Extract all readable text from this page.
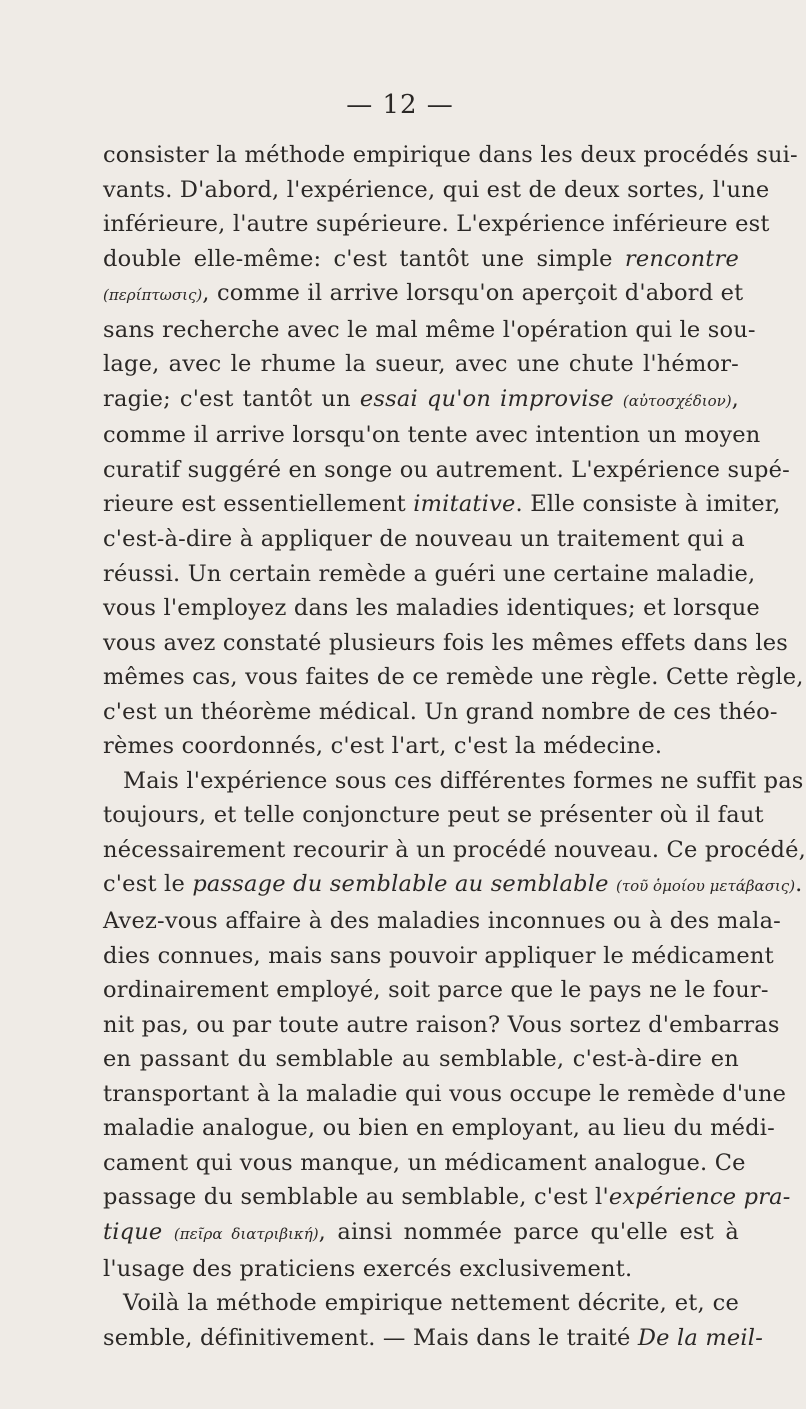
— 12 —
consister la méthode empirique dans les deux procédés sui-
vants. D'abord, l'expérience, qui est de deux sortes, l'une
inférieure, l'autre supérieure. L'expérience inférieure est
double elle-même: c'est tantôt une simple rencontre
(περίπτωσις), comme il arrive lorsqu'on aperçoit d'abord et
sans recherche avec le mal même l'opération qui le sou-
lage, avec le rhume la sueur, avec une chute l'hémor-
ragie; c'est tantôt un essai qu'on improvise (αὐτοσχέδιον),
comme il arrive lorsqu'on tente avec intention un moyen
curatif suggéré en songe ou autrement. L'expérience supé-
rieure est essentiellement imitative. Elle consiste à imiter,
c'est-à-dire à appliquer de nouveau un traitement qui a
réussi. Un certain remède a guéri une certaine maladie,
vous l'employez dans les maladies identiques; et lorsque
vous avez constaté plusieurs fois les mêmes effets dans les
mêmes cas, vous faites de ce remède une règle. Cette règle,
c'est un théorème médical. Un grand nombre de ces théo-
rèmes coordonnés, c'est l'art, c'est la médecine.
Mais l'expérience sous ces différentes formes ne suffit pas
toujours, et telle conjoncture peut se présenter où il faut
nécessairement recourir à un procédé nouveau. Ce procédé,
c'est le passage du semblable au semblable (τοῦ ὁμοίου μετάβασις).
Avez-vous affaire à des maladies inconnues ou à des mala-
dies connues, mais sans pouvoir appliquer le médicament
ordinairement employé, soit parce que le pays ne le four-
nit pas, ou par toute autre raison? Vous sortez d'embarras
en passant du semblable au semblable, c'est-à-dire en
transportant à la maladie qui vous occupe le remède d'une
maladie analogue, ou bien en employant, au lieu du médi-
cament qui vous manque, un médicament analogue. Ce
passage du semblable au semblable, c'est l'expérience pra-
tique (πεῖρα διατριβική), ainsi nommée parce qu'elle est à
l'usage des praticiens exercés exclusivement.
Voilà la méthode empirique nettement décrite, et, ce
semble, définitivement. — Mais dans le traité De la meil-
